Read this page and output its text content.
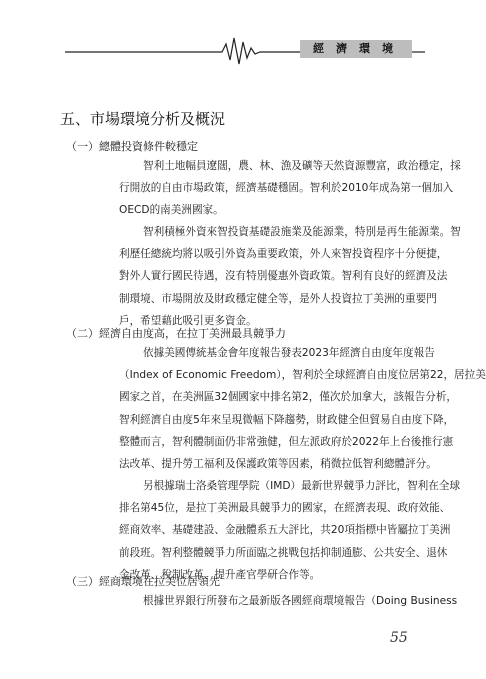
經濟環境
五、市場環境分析及概況
（一）總體投資條件較穩定

智利土地幅員遼闊，農、林、漁及礦等天然資源豐富，政治穩定，採
行開放的自由市場政策，經濟基礎穩固。智利於2010年成為第一個加入
OECD的南美洲國家。

智利積極外資來智投資基礎設施業及能源業，特別是再生能源業。智
利歷任總統均將以吸引外資為重要政策，外人來智投資程序十分便捷，
對外人實行國民待遇，沒有特別優惠外資政策。智利有良好的經濟及法
制環境、市場開放及財政穩定健全等，是外人投資拉丁美洲的重要門
戶，希望藉此吸引更多資金。

（二）經濟自由度高，在拉丁美洲最具競爭力

依據美國傳統基金會年度報告發表2023年經濟自由度年度報告
（Index of Economic Freedom），智利於全球經濟自由度位居第22，居拉美
國家之首，在美洲區32個國家中排名第2，僅次於加拿大，該報告分析，
智利經濟自由度5年來呈現微幅下降趨勢，財政健全但貿易自由度下降，
整體而言，智利體制面仍非常強健，但左派政府於2022年上台後推行憲
法改革、提升勞工福利及保護政策等因素，稍微拉低智利總體評分。

另根據瑞士洛桑管理學院（IMD）最新世界競爭力評比，智利在全球
排名第45位，是拉丁美洲最具競爭力的國家，在經濟表現、政府效能、
經商效率、基礎建設、金融體系五大評比，共20項指標中皆屬拉丁美洲
前段班。智利整體競爭力所面臨之挑戰包括抑制通膨、公共安全、退休
金改革、稅制改革、提升產官學研合作等。

（三）經商環境在拉美位居領先

根據世界銀行所發布之最新版各國經商環境報告（Doing Business

55
